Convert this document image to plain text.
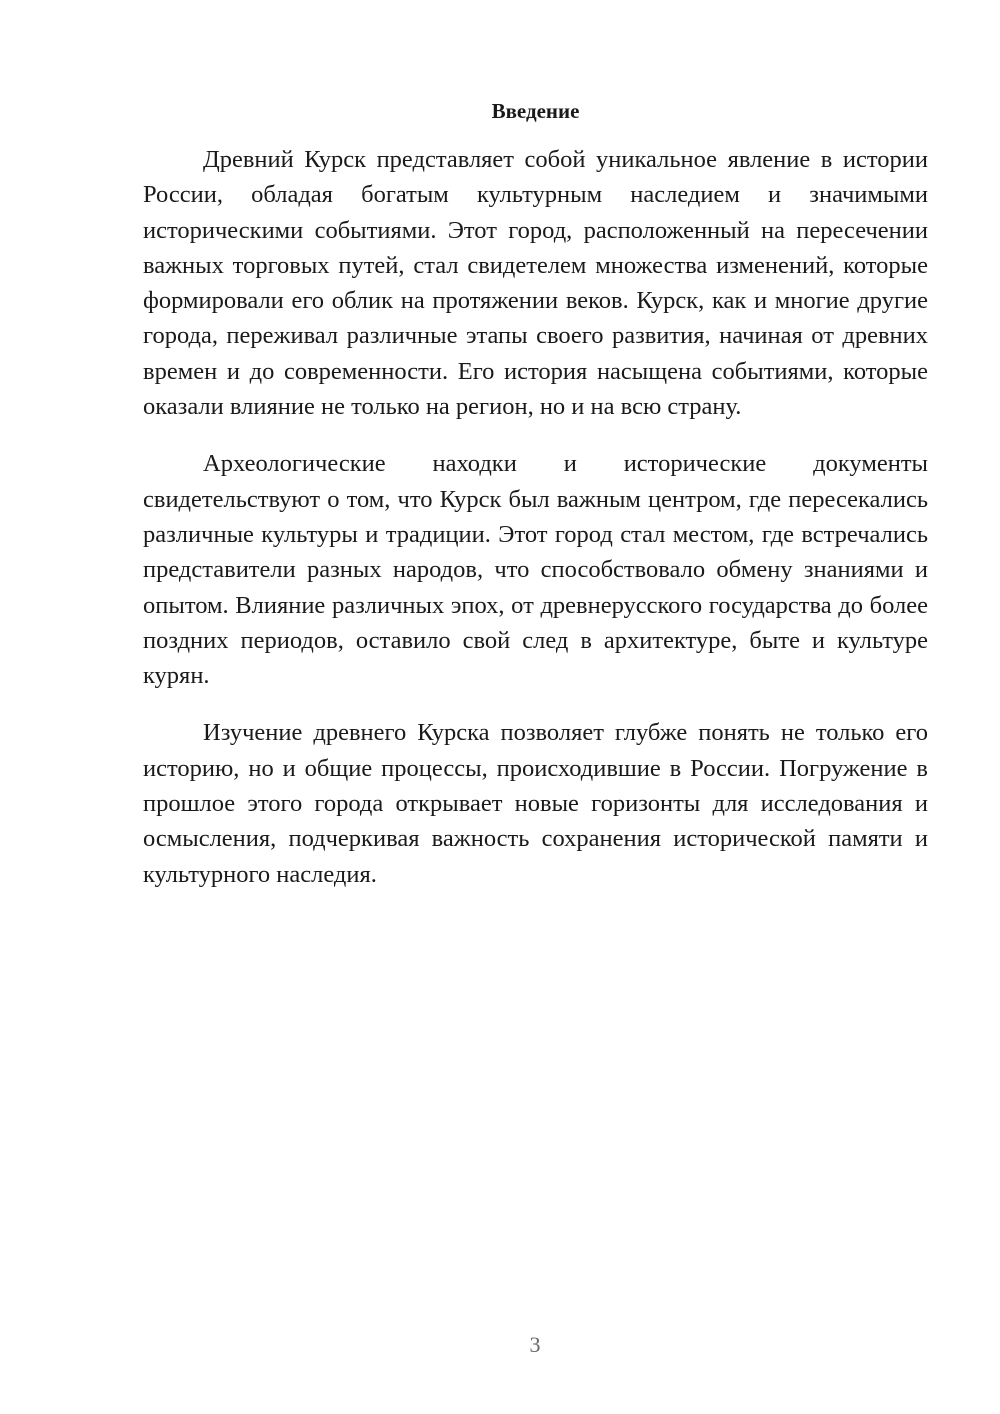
Введение

Древний Курск представляет собой уникальное явление в истории России, обладая богатым культурным наследием и значимыми историческими событиями. Этот город, расположенный на пересечении важных торговых путей, стал свидетелем множества изменений, которые формировали его облик на протяжении веков. Курск, как и многие другие города, переживал различные этапы своего развития, начиная от древних времен и до современности. Его история насыщена событиями, которые оказали влияние не только на регион, но и на всю страну.

Археологические находки и исторические документы свидетельствуют о том, что Курск был важным центром, где пересекались различные культуры и традиции. Этот город стал местом, где встречались представители разных народов, что способствовало обмену знаниями и опытом. Влияние различных эпох, от древнерусского государства до более поздних периодов, оставило свой след в архитектуре, быте и культуре курян.

Изучение древнего Курска позволяет глубже понять не только его историю, но и общие процессы, происходившие в России. Погружение в прошлое этого города открывает новые горизонты для исследования и осмысления, подчеркивая важность сохранения исторической памяти и культурного наследия.

3
